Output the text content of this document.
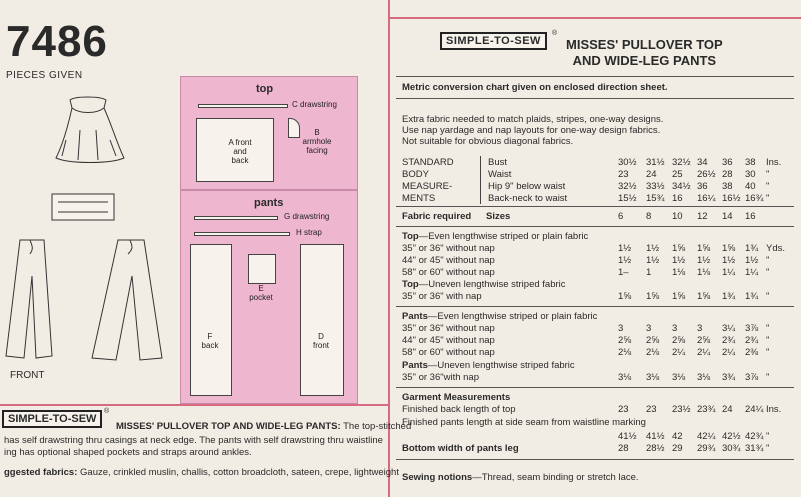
7486
PIECES GIVEN
FRONT
top
C drawstring
A front
and
back
B
armhole
facing
pants
G drawstring
H strap
F
back
E
pocket
D
front
SIMPLE-TO-SEW
®
MISSES' PULLOVER TOP
AND WIDE-LEG PANTS
Metric conversion chart given on enclosed direction sheet.
Extra fabric needed to match plaids, stripes, one-way designs.
Use nap yardage and nap layouts for one-way design fabrics.
Not suitable for obvious diagonal fabrics.
STANDARD
BODY
MEASURE-
MENTS
Bust	30½	31½ 32½ 34	36	38	Ins.
Waist	23	24	25	26½ 28	30	"
Hip 9" below waist	32½	33½ 34½ 36	38	40	"
Back-neck to waist	15½	15¾ 16	16¼ 16½ 16¾ "
Fabric required Sizes	6	8	10	12	14	16
Top—Even lengthwise striped or plain fabric
35" or 36" without nap	1½	1½	1⅝	1⅝	1⅝	1¾ Yds.
44" or 45" without nap	1½	1½	1½	1½	1½	1½ "
58" or 60" without nap	1–	1	1⅛	1⅛	1¼	1¼ "
Top—Uneven lengthwise striped fabric
35" or 36" with nap	1⅝	1⅝	1⅝	1⅝	1¾	1¾ "
Pants—Even lengthwise striped or plain fabric
35" or 36" without nap	3	3	3	3	3¼	3⅞ "
44" or 45" without nap	2⅝	2⅝	2⅝	2⅝	2¾	2¾ "
58" or 60" without nap	2⅛	2⅛	2¼	2¼	2¼	2⅜ "
Pants—Uneven lengthwise striped fabric
35" or 36"with nap	3⅛	3⅛	3⅛	3⅛	3¾	3⅞ "
Garment Measurements
Finished back length of top	23	23	23½ 23¾ 24	24¼ Ins.
Finished pants length at side seam from waistline marking
41½	41½ 42	42¼ 42½ 42¾ "
Bottom width of pants leg	28	28½ 29	29¾ 30¾ 31¾ "
Sewing notions—Thread, seam binding or stretch lace.
SIMPLE-TO-SEW
®
MISSES' PULLOVER TOP AND WIDE-LEG PANTS: The top-stitched
has self drawstring thru casings at neck edge. The pants with self drawstring thru waistline
ing has optional shaped pockets and straps around ankles.
ggested fabrics: Gauze, crinkled muslin, challis, cotton broadcloth, sateen, crepe, lightweight
